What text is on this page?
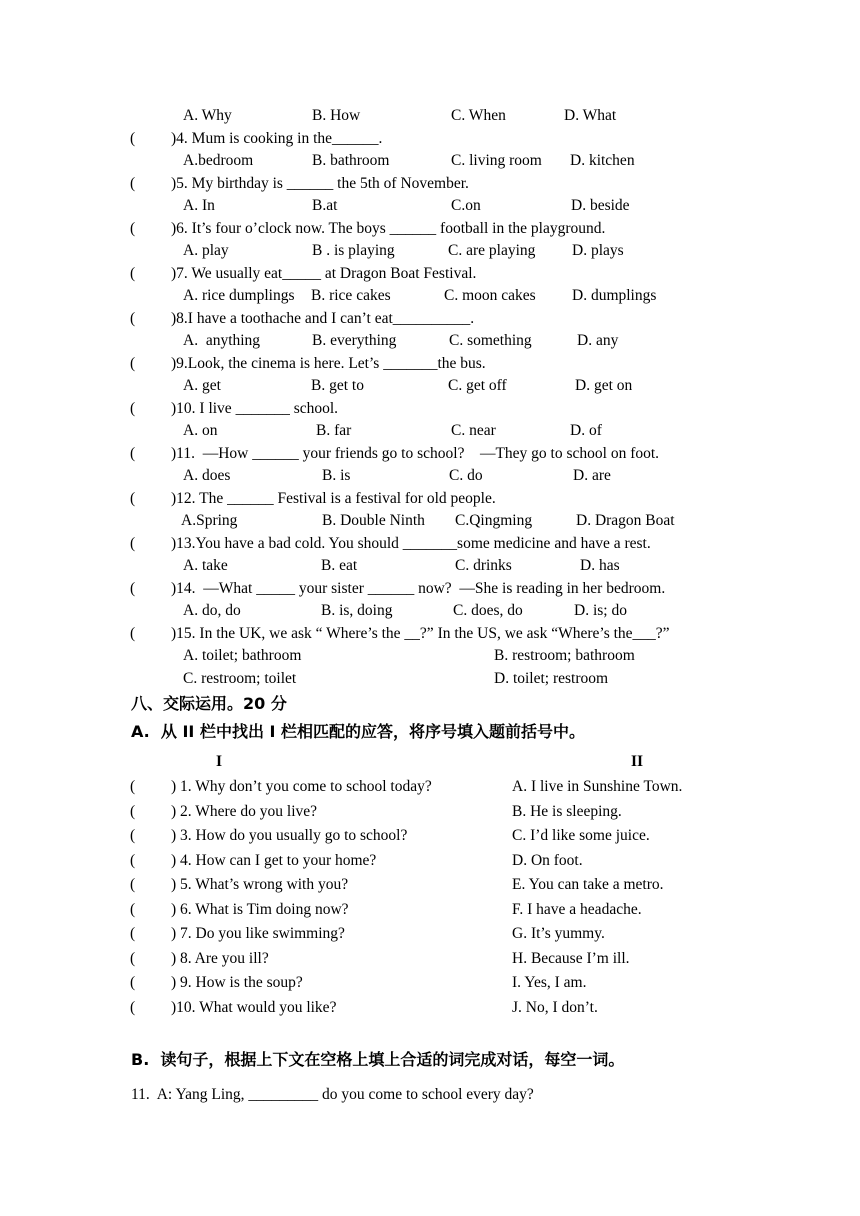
A. Why	B. How	C. When	D. What
( )4. Mum is cooking in the______.
A.bedroom	B. bathroom	C. living room D. kitchen
( )5. My birthday is ______ the 5th of November.
A. In	B.at	C.on	D. beside
( )6. It’s four o’clock now. The boys ______ football in the playground.
A. play	B . is playing	C. are playing D. plays
( )7. We usually eat_____ at Dragon Boat Festival.
A. rice dumplings B. rice cakes	C. moon cakes D. dumplings
( )8.I have a toothache and I can’t eat__________.
A.  anything	B. everything	C. something	D. any
( )9.Look, the cinema is here. Let’s _______the bus.
A. get	B. get to	C. get off	D. get on
( )10. I live _______ school.
A. on	B. far	C. near	D. of
( )11.  —How ______ your friends go to school?    —They go to school on foot.
A. does	B. is	C. do	D. are
( )12. The ______ Festival is a festival for old people.
A.Spring	B. Double Ninth C.Qingming	D. Dragon Boat
( )13.You have a bad cold. You should _______some medicine and have a rest.
A. take	B. eat	C. drinks	D. has
( )14.  —What _____ your sister ______ now?  —She is reading in her bedroom.
A. do, do	B. is, doing	C. does, do	D. is; do
( )15. In the UK, we ask “ Where’s the __?” In the US, we ask “Where’s the___?”
A. toilet; bathroom	B. restroom; bathroom
C. restroom; toilet	D. toilet; restroom
八、交际运用。20 分
A.  从 II 栏中找出 I 栏相匹配的应答，将序号填入题前括号中。
I	II
( ) 1. Why don’t you come to school today?	A. I live in Sunshine Town.
( ) 2. Where do you live?	B. He is sleeping.
( ) 3. How do you usually go to school?	C. I’d like some juice.
( ) 4. How can I get to your home?	D. On foot.
( ) 5. What’s wrong with you?	E. You can take a metro.
( ) 6. What is Tim doing now?	F. I have a headache.
( ) 7. Do you like swimming?	G. It’s yummy.
( ) 8. Are you ill?	H. Because I’m ill.
( ) 9. How is the soup?	I. Yes, I am.
( )10. What would you like?	J. No, I don’t.
B.  读句子，根据上下文在空格上填上合适的词完成对话，每空一词。
11.  A: Yang Ling, _________ do you come to school every day?
